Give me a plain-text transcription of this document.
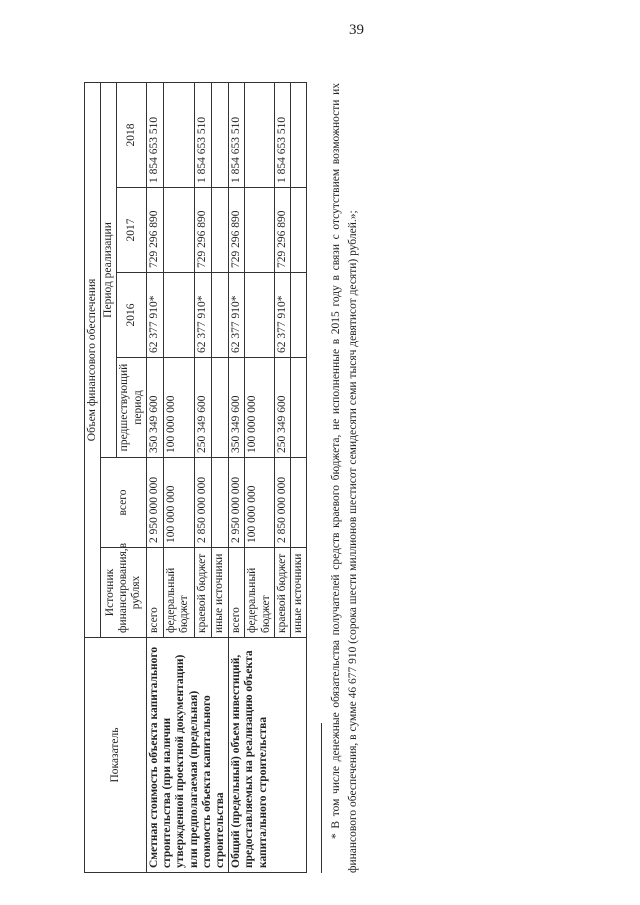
39
Показатель	Объем финансового обеспечения					
	Источник финансирования,в рублях	всего	Период реализации			
			предшествующий период	2016	2017	2018
Сметная стоимость объекта капитального строительства (при наличии утвержденной проектной документации) или предполагаемая (предельная) стоимость объекта капитального строительства	всего	2 950 000 000	350 349 600	62 377 910*	729 296 890	1 854 653 510
	федеральный бюджет	100 000 000	100 000 000			
	краевой бюджет	2 850 000 000	250 349 600	62 377 910*	729 296 890	1 854 653 510
	иные источники					
Общий (предельный) объем инвестиций, предоставляемых на реализацию объекта капитального строительства	всего	2 950 000 000	350 349 600	62 377 910*	729 296 890	1 854 653 510
	федеральный бюджет	100 000 000	100 000 000			
	краевой бюджет	2 850 000 000	250 349 600	62 377 910*	729 296 890	1 854 653 510
	иные источники					* В том числе денежные обязательства получателей средств краевого бюджета, не исполненные в 2015 году в связи с отсутствием возможности их финансового обеспечения, в сумме 46 677 910 (сорока шести миллионов шестисот семидесяти семи тысяч девятисот десяти) рублей.»;
